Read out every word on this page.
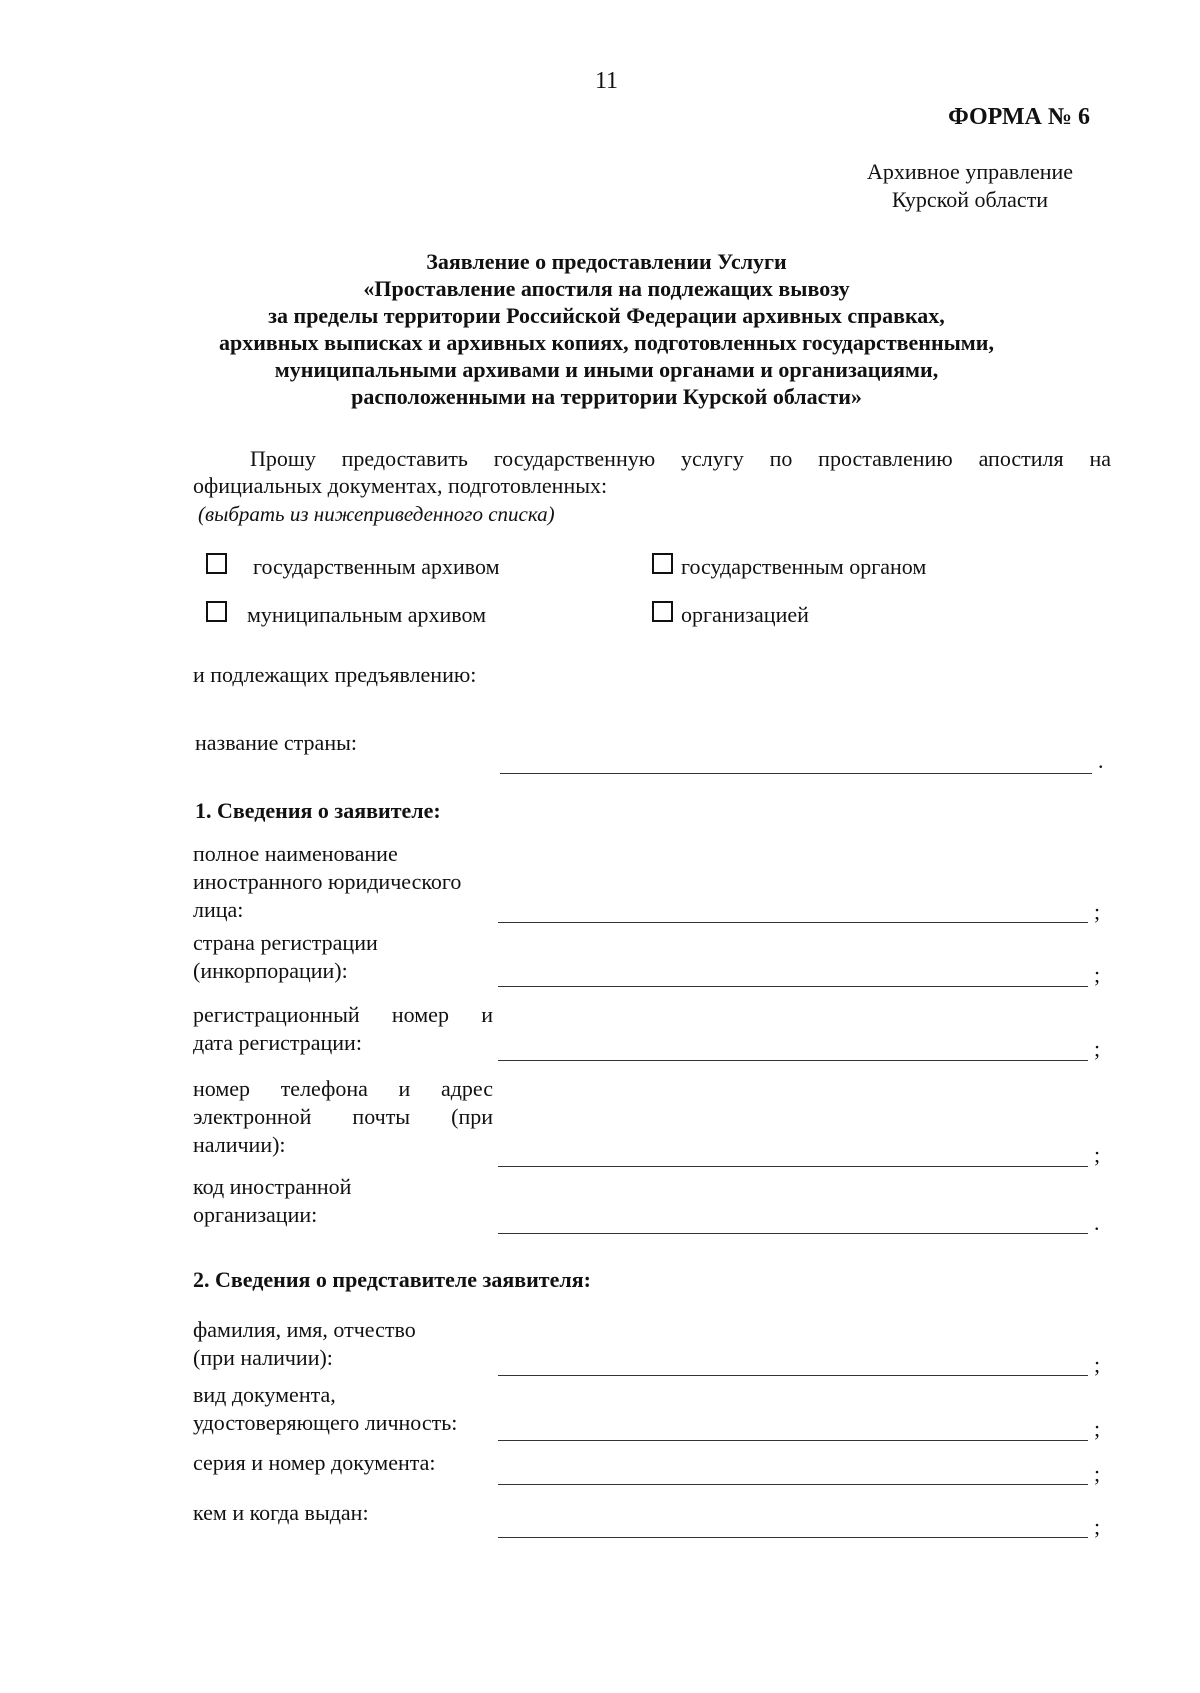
11
ФОРМА № 6
Архивное управление
Курской области
Заявление о предоставлении Услуги
«Проставление апостиля на подлежащих вывозу
за пределы территории Российской Федерации архивных справках,
архивных выписках и архивных копиях, подготовленных государственными,
муниципальными архивами и иными органами и организациями,
расположенными на территории Курской области»
Прошу предоставить государственную услугу по проставлению апостиля на
официальных документах, подготовленных:
(выбрать из нижеприведенного списка)
государственным архивом	государственным органом
муниципальным архивом	организацией
и подлежащих предъявлению:
название страны:
.
1. Сведения о заявителе:
полное наименование
иностранного юридического
лица:	;
страна регистрации
(инкорпорации):	;
регистрационный номер и
дата регистрации:	;
номер телефона и адрес
электронной почты (при
наличии):	;
код иностранной
организации:	.
2. Сведения о представителе заявителя:
фамилия, имя, отчество
(при наличии):	;
вид документа,
удостоверяющего личность:	;
серия и номер документа:	;
кем и когда выдан:
;
